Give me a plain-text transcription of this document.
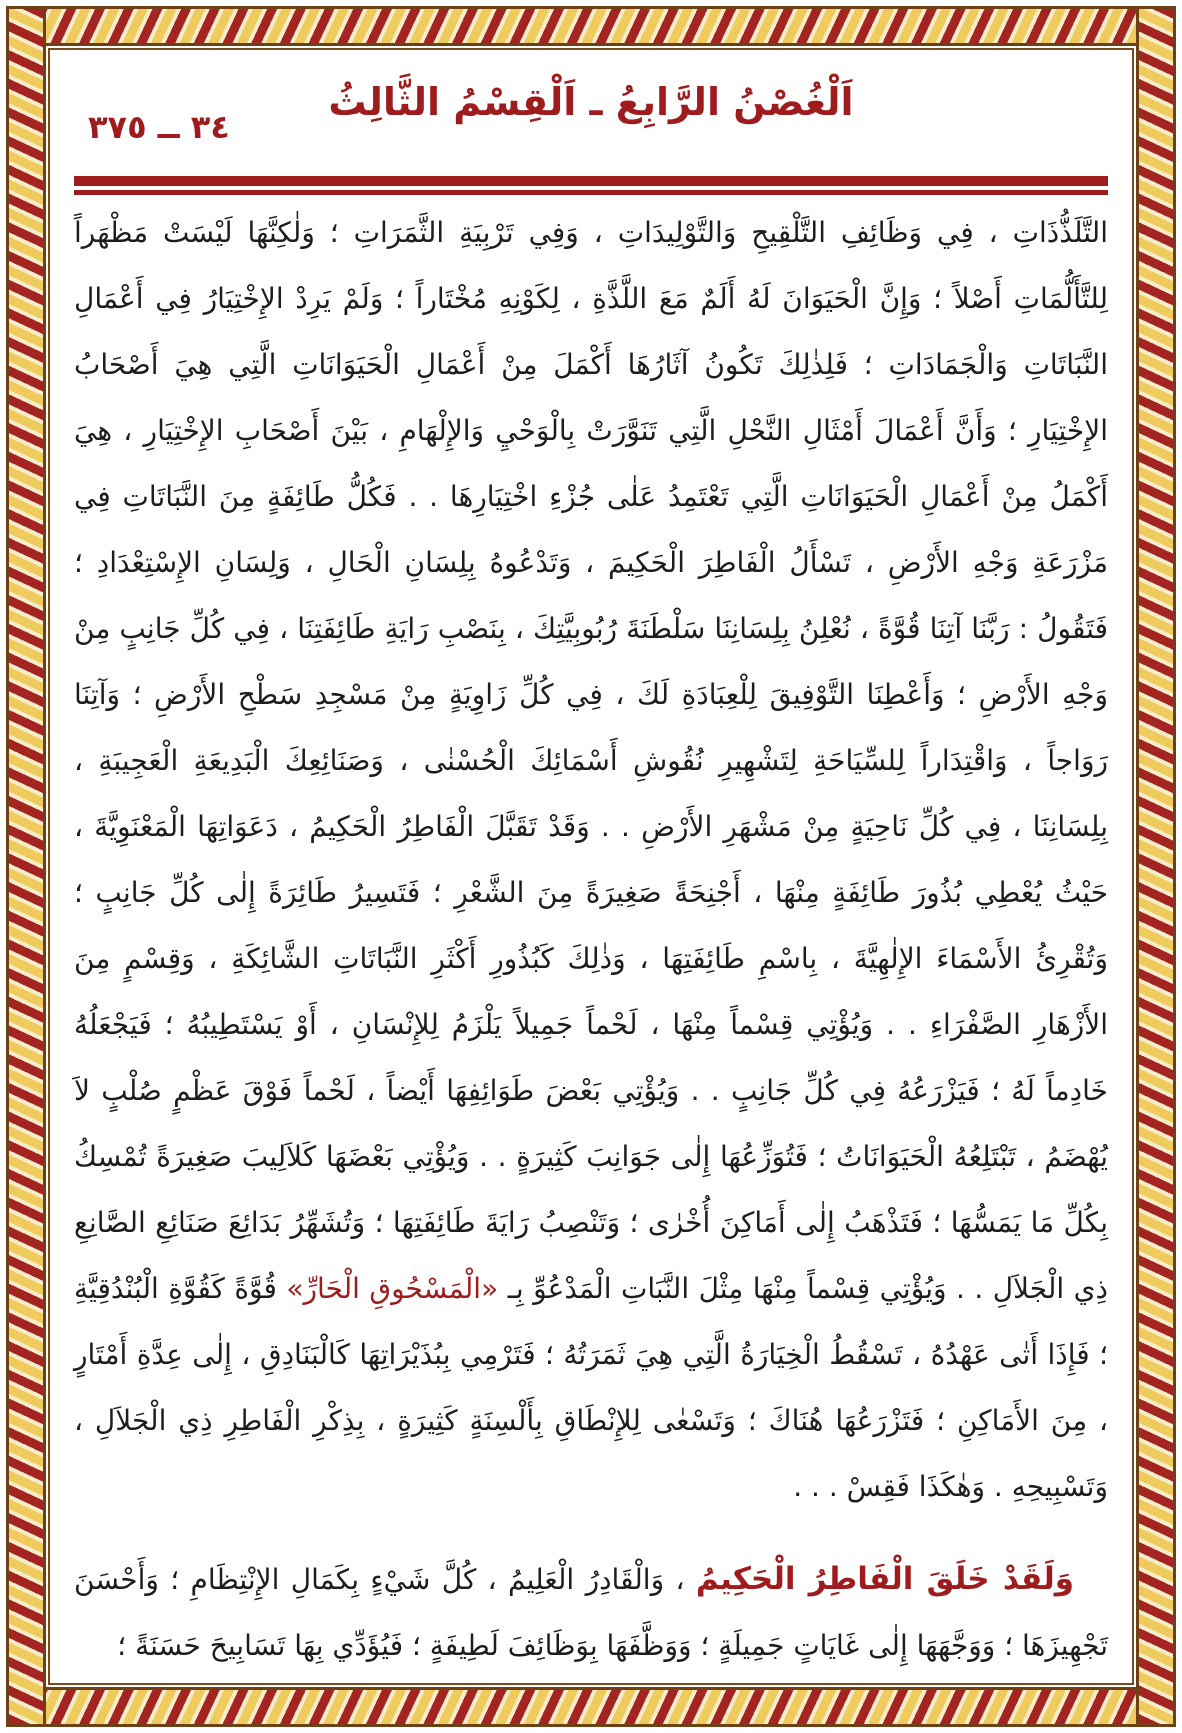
اَلْغُصْنُ الرَّابِعُ ـ اَلْقِسْمُ الثَّالِثُ
٣٤ ــ ٣٧٥

التَّلَذُّذَاتِ ، فِي وَظَائِفِ التَّلْقِيحِ وَالتَّوْلِيدَاتِ ، وَفِي تَرْبِيَةِ الثَّمَرَاتِ ؛ وَلٰكِنَّهَا لَيْسَتْ مَظْهَراً لِلتَّأَلُّمَاتِ أَصْلاً ؛ وَإِنَّ الْحَيَوَانَ لَهُ أَلَمٌ مَعَ اللَّذَّةِ ، لِكَوْنِهِ مُخْتَاراً ؛ وَلَمْ يَرِدْ الإِخْتِيَارُ فِي أَعْمَالِ النَّبَاتَاتِ وَالْجَمَادَاتِ ؛ فَلِذٰلِكَ تَكُونُ آثَارُهَا أَكْمَلَ مِنْ أَعْمَالِ الْحَيَوَانَاتِ الَّتِي هِيَ أَصْحَابُ الإِخْتِيَارِ ؛ وَأَنَّ أَعْمَالَ أَمْثَالِ النَّحْلِ الَّتِي تَنَوَّرَتْ بِالْوَحْيِ وَالإِلْهَامِ ، بَيْنَ أَصْحَابِ الإِخْتِيَارِ ، هِيَ أَكْمَلُ مِنْ أَعْمَالِ الْحَيَوَانَاتِ الَّتِي تَعْتَمِدُ عَلٰى جُزْءِ اخْتِيَارِهَا . . فَكُلُّ طَائِفَةٍ مِنَ النَّبَاتَاتِ فِي مَزْرَعَةِ وَجْهِ الأَرْضِ ، تَسْأَلُ الْفَاطِرَ الْحَكِيمَ ، وَتَدْعُوهُ بِلِسَانِ الْحَالِ ، وَلِسَانِ الإِسْتِعْدَادِ ؛ فَتَقُولُ : رَبَّنَا آتِنَا قُوَّةً ، نُعْلِنُ بِلِسَانِنَا سَلْطَنَةَ رُبُوبِيَّتِكَ ، بِنَصْبِ رَايَةِ طَائِفَتِنَا ، فِي كُلِّ جَانِبٍ مِنْ وَجْهِ الأَرْضِ ؛ وَأَعْطِنَا التَّوْفِيقَ لِلْعِبَادَةِ لَكَ ، فِي كُلِّ زَاوِيَةٍ مِنْ مَسْجِدِ سَطْحِ الأَرْضِ ؛ وَآتِنَا رَوَاجاً ، وَاقْتِدَاراً لِلسِّيَاحَةِ لِتَشْهِيرِ نُقُوشِ أَسْمَائِكَ الْحُسْنٰى ، وَصَنَائِعِكَ الْبَدِيعَةِ الْعَجِيبَةِ ، بِلِسَانِنَا ، فِي كُلِّ نَاحِيَةٍ مِنْ مَشْهَرِ الأَرْضِ . . وَقَدْ تَقَبَّلَ الْفَاطِرُ الْحَكِيمُ ، دَعَوَاتِهَا الْمَعْنَوِيَّةَ ، حَيْثُ يُعْطِي بُذُورَ طَائِفَةٍ مِنْهَا ، أَجْنِحَةً صَغِيرَةً مِنَ الشَّعْرِ ؛ فَتَسِيرُ طَائِرَةً إِلٰى كُلِّ جَانِبٍ ؛ وَتُقْرِئُ الأَسْمَاءَ الإِلٰهِيَّةَ ، بِاسْمِ طَائِفَتِهَا ، وَذٰلِكَ كَبُذُورِ أَكْثَرِ النَّبَاتَاتِ الشَّائِكَةِ ، وَقِسْمٍ مِنَ الأَزْهَارِ الصَّفْرَاءِ . . وَيُؤْتِي قِسْماً مِنْهَا ، لَحْماً جَمِيلاً يَلْزَمُ لِلإِنْسَانِ ، أَوْ يَسْتَطِيبُهُ ؛ فَيَجْعَلُهُ خَادِماً لَهُ ؛ فَيَزْرَعُهُ فِي كُلِّ جَانِبٍ . . وَيُؤْتِي بَعْضَ طَوَائِفِهَا أَيْضاً ، لَحْماً فَوْقَ عَظْمٍ صُلْبٍ لاَ يُهْضَمُ ، تَبْتَلِعُهُ الْحَيَوَانَاتُ ؛ فَتُوَزِّعُهَا إِلٰى جَوَانِبَ كَثِيرَةٍ . . وَيُؤْتِي بَعْضَهَا كَلاَلِيبَ صَغِيرَةً تُمْسِكُ بِكُلِّ مَا يَمَسُّهَا ؛ فَتَذْهَبُ إِلٰى أَمَاكِنَ أُخْرٰى ؛ وَتَنْصِبُ رَايَةَ طَائِفَتِهَا ؛ وَتُشَهِّرُ بَدَائِعَ صَنَائِعِ الصَّانِعِ ذِي الْجَلاَلِ . . وَيُؤْتِي قِسْماً مِنْهَا مِثْلَ النَّبَاتِ الْمَدْعُوِّ بِـ «الْمَسْحُوقِ الْحَارِّ» قُوَّةً كَقُوَّةِ الْبُنْدُقِيَّةِ ؛ فَإِذَا أَتٰى عَهْدُهُ ، تَسْقُطُ الْخِيَارَةُ الَّتِي هِيَ ثَمَرَتُهُ ؛ فَتَرْمِي بِبُذَيْرَاتِهَا كَالْبَنَادِقِ ، إِلٰى عِدَّةِ أَمْتَارٍ ، مِنَ الأَمَاكِنِ ؛ فَتَزْرَعُهَا هُنَاكَ ؛ وَتَسْعٰى لِلإِنْطَاقِ بِأَلْسِنَةٍ كَثِيرَةٍ ، بِذِكْرِ الْفَاطِرِ ذِي الْجَلاَلِ ، وَتَسْبِيحِهِ . وَهٰكَذَا فَقِسْ . . .

وَلَقَدْ خَلَقَ الْفَاطِرُ الْحَكِيمُ ، وَالْقَادِرُ الْعَلِيمُ ، كُلَّ شَيْءٍ بِكَمَالِ الإِنْتِظَامِ ؛ وَأَحْسَنَ تَجْهِيزَهَا ؛ وَوَجَّهَهَا إِلٰى غَايَاتٍ جَمِيلَةٍ ؛ وَوَظَّفَهَا بِوَظَائِفَ لَطِيفَةٍ ؛ فَيُؤَدِّي بِهَا تَسَابِيحَ حَسَنَةً ؛
